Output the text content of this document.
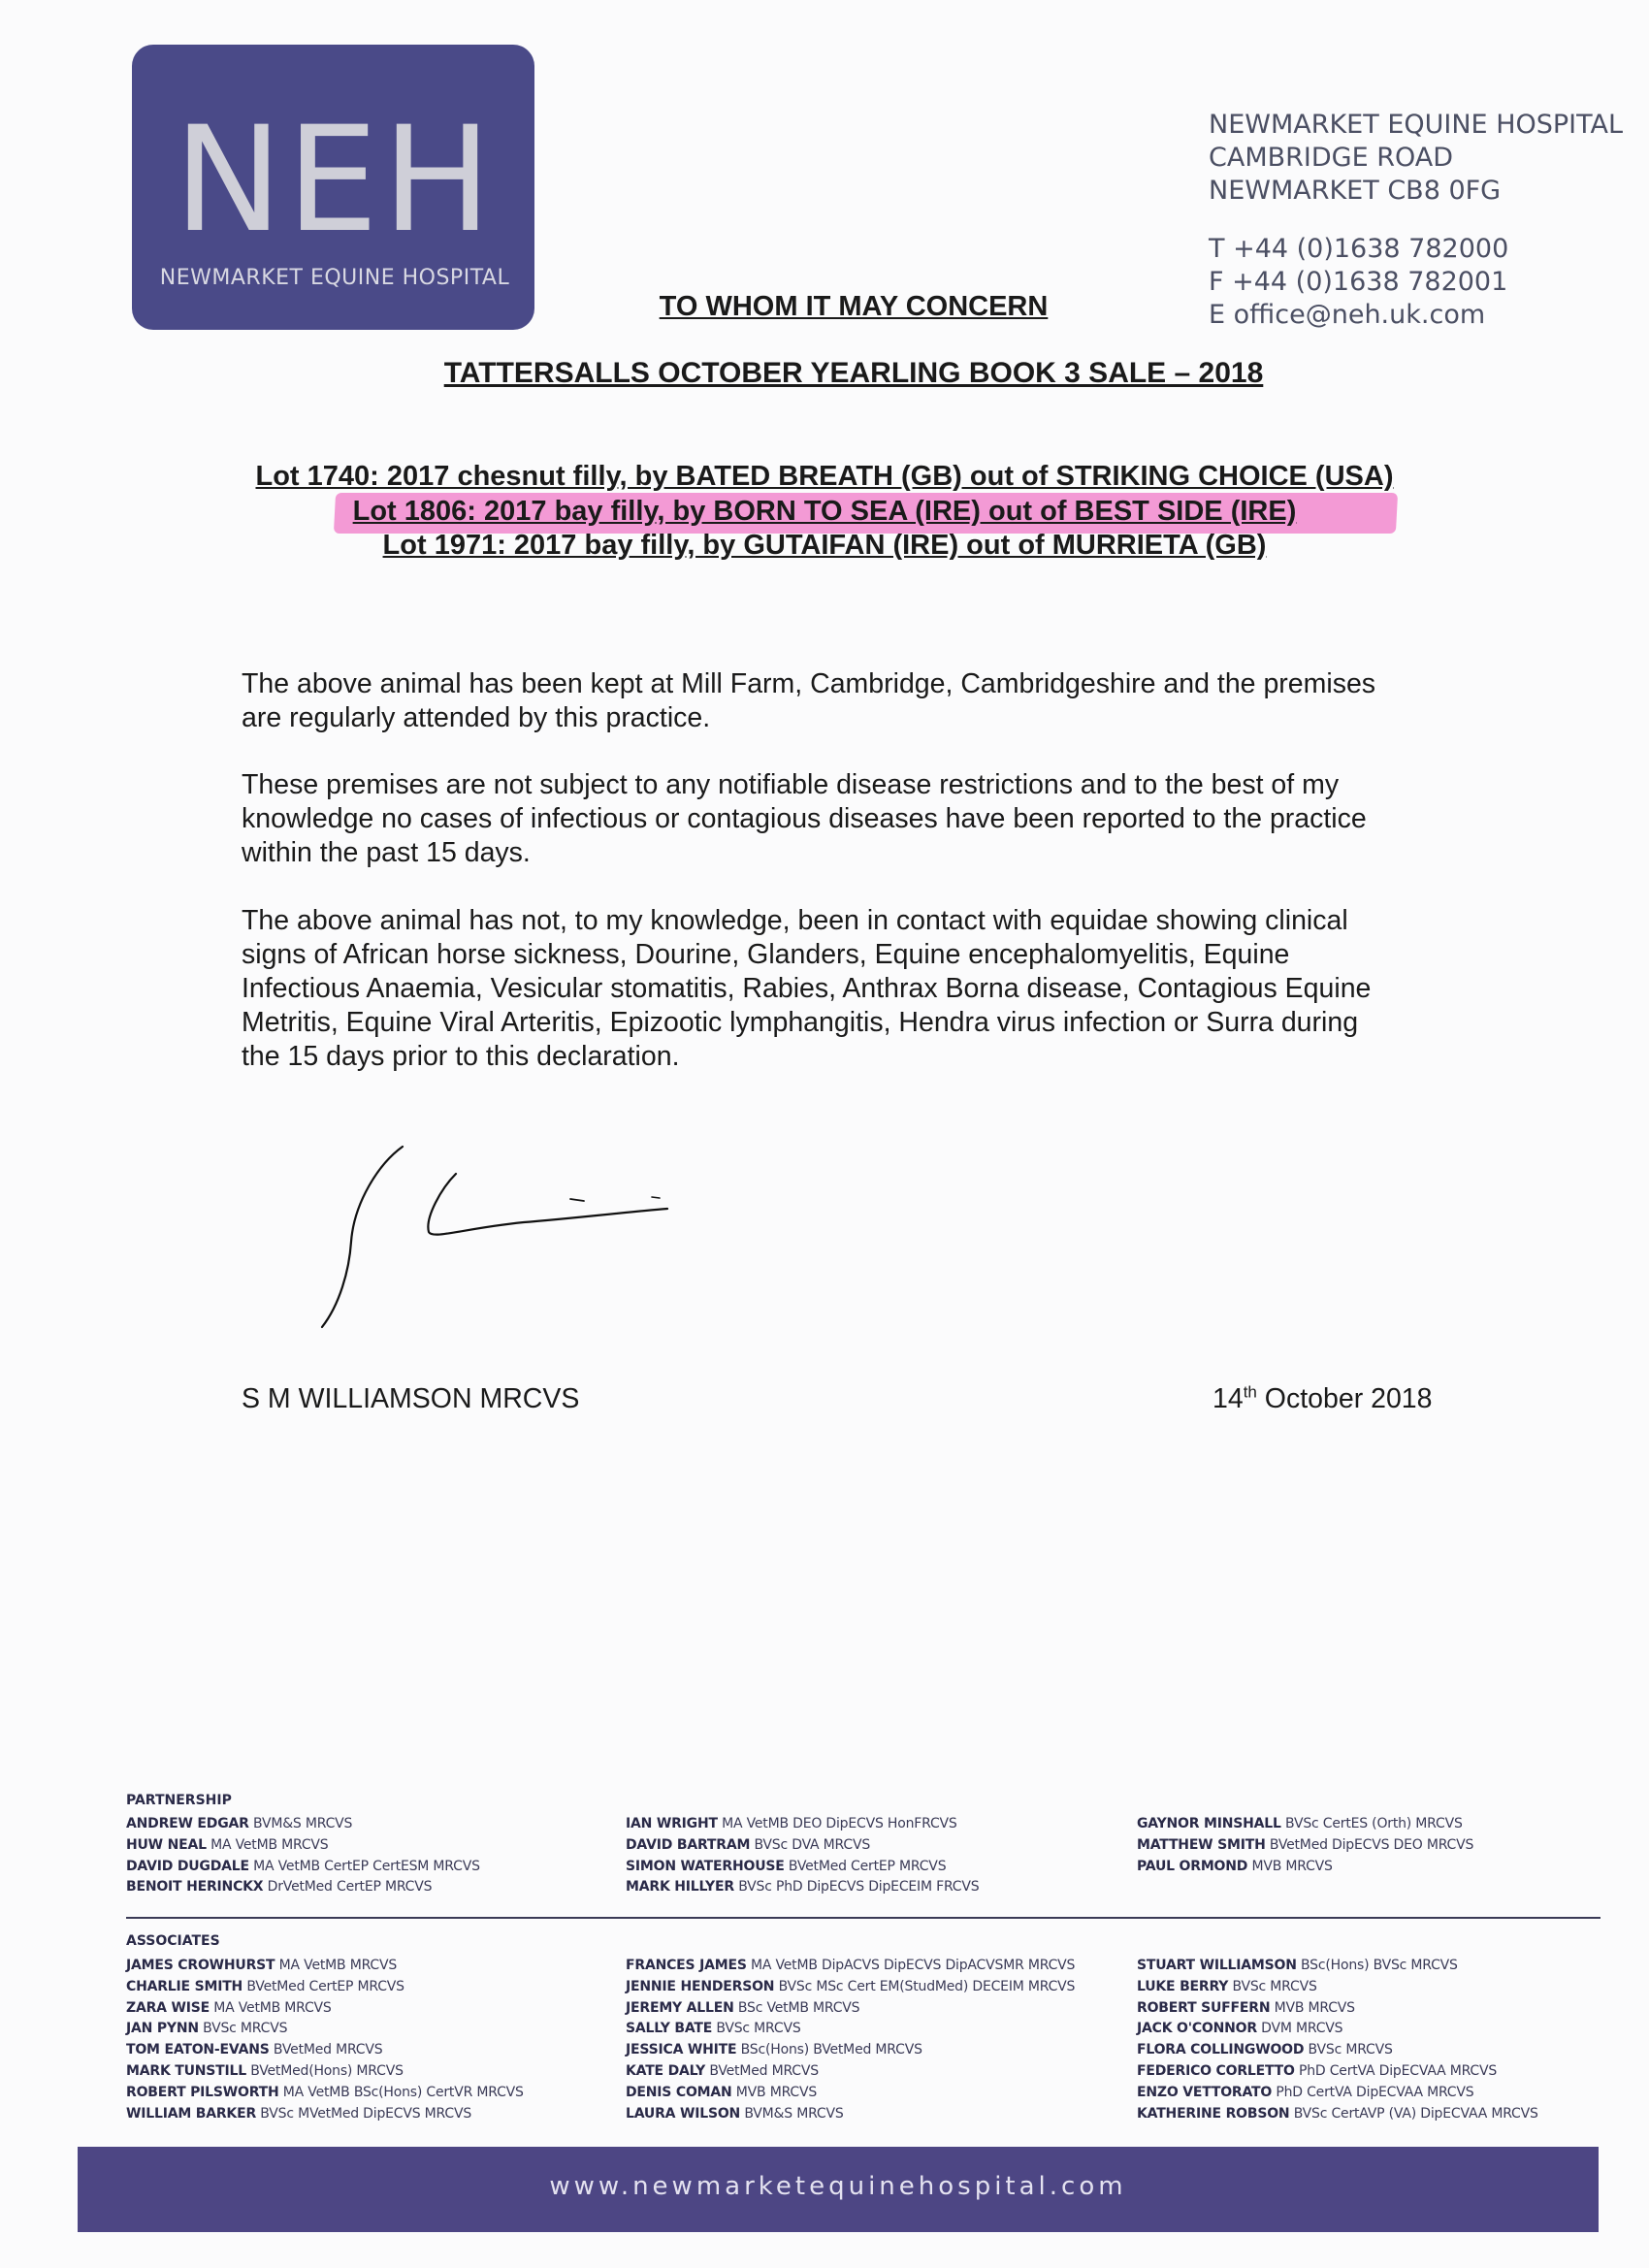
NEH
NEWMARKET EQUINE HOSPITAL
NEWMARKET EQUINE HOSPITAL
CAMBRIDGE ROAD
NEWMARKET CB8 0FG
T +44 (0)1638 782000
F +44 (0)1638 782001
E office@neh.uk.com
TO WHOM IT MAY CONCERN
TATTERSALLS OCTOBER YEARLING BOOK 3 SALE – 2018
Lot 1740: 2017 chesnut filly, by BATED BREATH (GB) out of STRIKING CHOICE (USA)
Lot 1806: 2017 bay filly, by BORN TO SEA (IRE) out of BEST SIDE (IRE)
Lot 1971: 2017 bay filly, by GUTAIFAN (IRE) out of MURRIETA (GB)
The above animal has been kept at Mill Farm, Cambridge, Cambridgeshire and the premises
are regularly attended by this practice.
These premises are not subject to any notifiable disease restrictions and to the best of my
knowledge no cases of infectious or contagious diseases have been reported to the practice
within the past 15 days.
The above animal has not, to my knowledge, been in contact with equidae showing clinical
signs of African horse sickness, Dourine, Glanders, Equine encephalomyelitis, Equine
Infectious Anaemia, Vesicular stomatitis, Rabies, Anthrax Borna disease, Contagious Equine
Metritis, Equine Viral Arteritis, Epizootic lymphangitis, Hendra virus infection or Surra during
the 15 days prior to this declaration.
S M WILLIAMSON MRCVS	14th October 2018
PARTNERSHIP
ANDREW EDGAR BVM&S MRCVS
HUW NEAL MA VetMB MRCVS
DAVID DUGDALE MA VetMB CertEP CertESM MRCVS
BENOIT HERINCKX DrVetMed CertEP MRCVS
IAN WRIGHT MA VetMB DEO DipECVS HonFRCVS
DAVID BARTRAM BVSc DVA MRCVS
SIMON WATERHOUSE BVetMed CertEP MRCVS
MARK HILLYER BVSc PhD DipECVS DipECEIM FRCVS
GAYNOR MINSHALL BVSc CertES (Orth) MRCVS
MATTHEW SMITH BVetMed DipECVS DEO MRCVS
PAUL ORMOND MVB MRCVS
ASSOCIATES
JAMES CROWHURST MA VetMB MRCVS
CHARLIE SMITH BVetMed CertEP MRCVS
ZARA WISE MA VetMB MRCVS
JAN PYNN BVSc MRCVS
TOM EATON-EVANS BVetMed MRCVS
MARK TUNSTILL BVetMed(Hons) MRCVS
ROBERT PILSWORTH MA VetMB BSc(Hons) CertVR MRCVS
WILLIAM BARKER BVSc MVetMed DipECVS MRCVS
FRANCES JAMES MA VetMB DipACVS DipECVS DipACVSMR MRCVS
JENNIE HENDERSON BVSc MSc Cert EM(StudMed) DECEIM MRCVS
JEREMY ALLEN BSc VetMB MRCVS
SALLY BATE BVSc MRCVS
JESSICA WHITE BSc(Hons) BVetMed MRCVS
KATE DALY BVetMed MRCVS
DENIS COMAN MVB MRCVS
LAURA WILSON BVM&S MRCVS
STUART WILLIAMSON BSc(Hons) BVSc MRCVS
LUKE BERRY BVSc MRCVS
ROBERT SUFFERN MVB MRCVS
JACK O'CONNOR DVM MRCVS
FLORA COLLINGWOOD BVSc MRCVS
FEDERICO CORLETTO PhD CertVA DipECVAA MRCVS
ENZO VETTORATO PhD CertVA DipECVAA MRCVS
KATHERINE ROBSON BVSc CertAVP (VA) DipECVAA MRCVS
www.newmarketequinehospital.com
